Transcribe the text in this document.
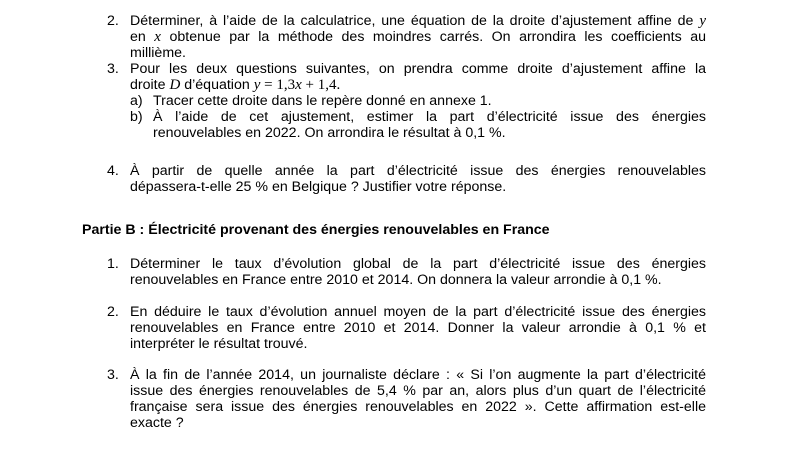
2. Déterminer, à l’aide de la calculatrice, une équation de la droite d’ajustement affine de y
en x obtenue par la méthode des moindres carrés. On arrondira les coefficients au
millième.
3. Pour les deux questions suivantes, on prendra comme droite d’ajustement affine la
droite D d’équation y = 1,3x + 1,4.
a) Tracer cette droite dans le repère donné en annexe 1.
b) À l’aide de cet ajustement, estimer la part d’électricité issue des énergies
renouvelables en 2022. On arrondira le résultat à 0,1 %.
4. À partir de quelle année la part d’électricité issue des énergies renouvelables
dépassera-t-elle 25 % en Belgique ? Justifier votre réponse.
Partie B : Électricité provenant des énergies renouvelables en France
1. Déterminer le taux d’évolution global de la part d’électricité issue des énergies
renouvelables en France entre 2010 et 2014. On donnera la valeur arrondie à 0,1 %.
2. En déduire le taux d’évolution annuel moyen de la part d’électricité issue des énergies
renouvelables en France entre 2010 et 2014. Donner la valeur arrondie à 0,1 % et
interpréter le résultat trouvé.
3. À la fin de l’année 2014, un journaliste déclare : « Si l’on augmente la part d’électricité
issue des énergies renouvelables de 5,4 % par an, alors plus d’un quart de l’électricité
française sera issue des énergies renouvelables en 2022 ». Cette affirmation est-elle
exacte ?
